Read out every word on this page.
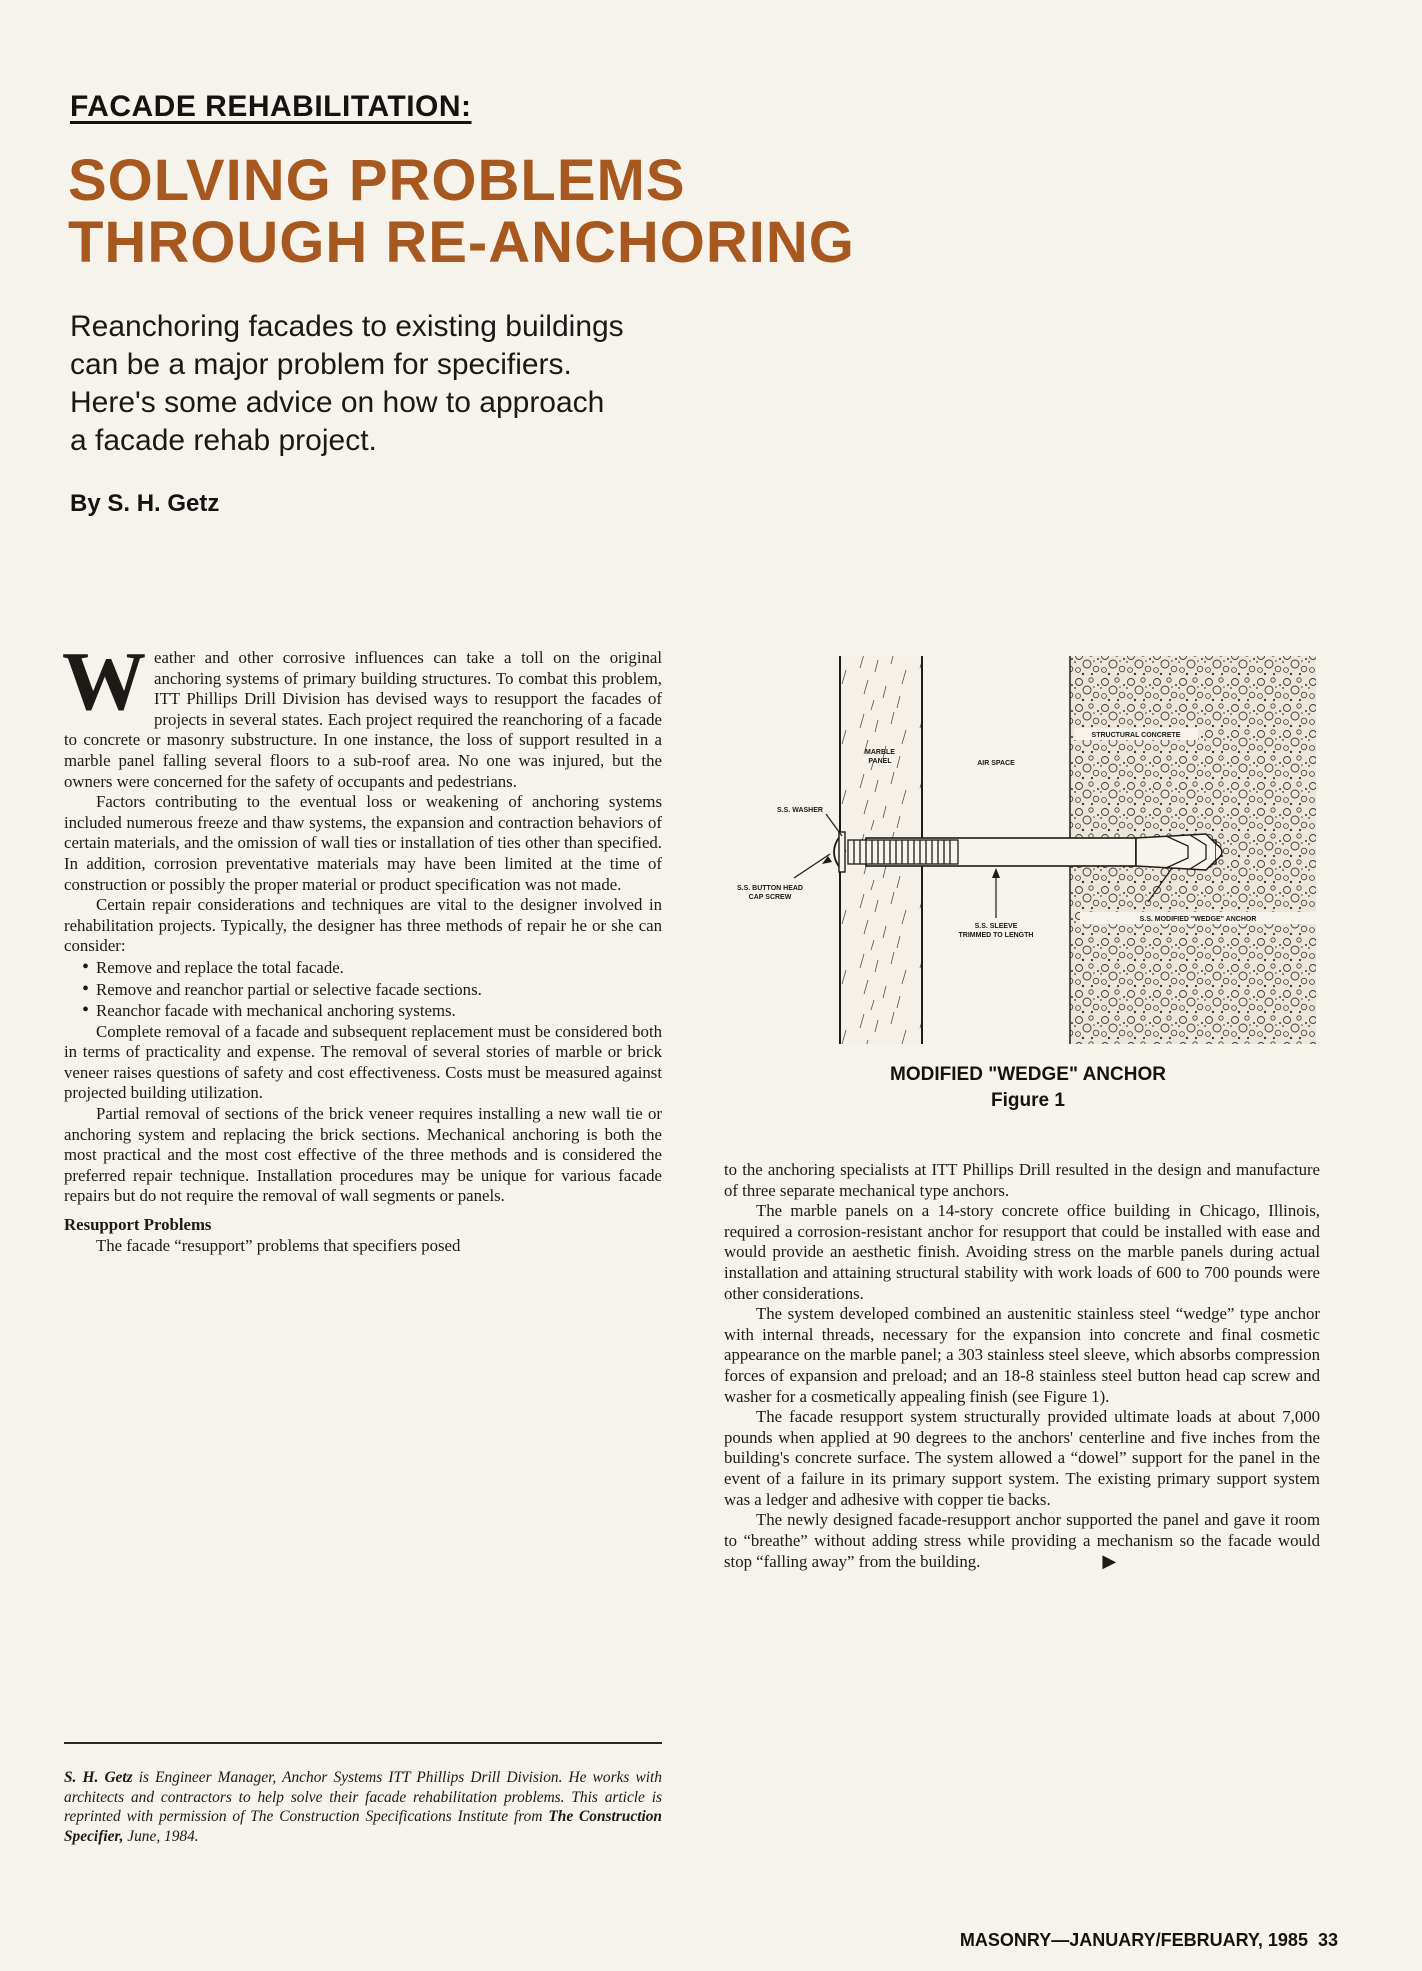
FACADE REHABILITATION:
SOLVING PROBLEMS
THROUGH RE-ANCHORING
Reanchoring facades to existing buildings
can be a major problem for specifiers.
Here's some advice on how to approach
a facade rehab project.
By S. H. Getz

Weather and other corrosive influences can take a toll on the original anchoring systems of primary building structures. To combat this problem, ITT Phillips Drill Division has devised ways to resupport the facades of projects in several states. Each project required the reanchoring of a facade to concrete or masonry substructure. In one instance, the loss of support resulted in a marble panel falling several floors to a sub-roof area. No one was injured, but the owners were concerned for the safety of occupants and pedestrians.

Factors contributing to the eventual loss or weakening of anchoring systems included numerous freeze and thaw systems, the expansion and contraction behaviors of certain materials, and the omission of wall ties or installation of ties other than specified. In addition, corrosion preventative materials may have been limited at the time of construction or possibly the proper material or product specification was not made.

Certain repair considerations and techniques are vital to the designer involved in rehabilitation projects. Typically, the designer has three methods of repair he or she can consider:

• Remove and replace the total facade.

• Remove and reanchor partial or selective facade sections.

• Reanchor facade with mechanical anchoring systems.

Complete removal of a facade and subsequent replacement must be considered both in terms of practicality and expense. The removal of several stories of marble or brick veneer raises questions of safety and cost effectiveness. Costs must be measured against projected building utilization.

Partial removal of sections of the brick veneer requires installing a new wall tie or anchoring system and replacing the brick sections. Mechanical anchoring is both the most practical and the most cost effective of the three methods and is considered the preferred repair technique. Installation procedures may be unique for various facade repairs but do not require the removal of wall segments or panels.

Resupport Problems

The facade “resupport” problems that specifiers posed

S. H. Getz is Engineer Manager, Anchor Systems ITT Phillips Drill Division. He works with architects and contractors to help solve their facade rehabilitation problems. This article is reprinted with permission of The Construction Specifications Institute from The Construction Specifier, June, 1984.
MARBLE
PANEL	AIR SPACE
STRUCTURAL CONCRETE
S.S. WASHER
S.S. BUTTON HEAD
CAP SCREW
S.S. SLEEVE
TRIMMED TO LENGTH
S.S. MODIFIED "WEDGE" ANCHOR
MODIFIED "WEDGE" ANCHOR
Figure 1

to the anchoring specialists at ITT Phillips Drill resulted in the design and manufacture of three separate mechanical type anchors.

The marble panels on a 14-story concrete office building in Chicago, Illinois, required a corrosion-resistant anchor for resupport that could be installed with ease and would provide an aesthetic finish. Avoiding stress on the marble panels during actual installation and attaining structural stability with work loads of 600 to 700 pounds were other considerations.

The system developed combined an austenitic stainless steel “wedge” type anchor with internal threads, necessary for the expansion into concrete and final cosmetic appearance on the marble panel; a 303 stainless steel sleeve, which absorbs compression forces of expansion and preload; and an 18-8 stainless steel button head cap screw and washer for a cosmetically appealing finish (see Figure 1).

The facade resupport system structurally provided ultimate loads at about 7,000 pounds when applied at 90 degrees to the anchors' centerline and five inches from the building's concrete surface. The system allowed a “dowel” support for the panel in the event of a failure in its primary support system. The existing primary support system was a ledger and adhesive with copper tie backs.

The newly designed facade-resupport anchor supported the panel and gave it room to “breathe” without adding stress while providing a mechanism so the facade would stop “falling away” from the building.	▶

MASONRY—JANUARY/FEBRUARY, 1985 33
